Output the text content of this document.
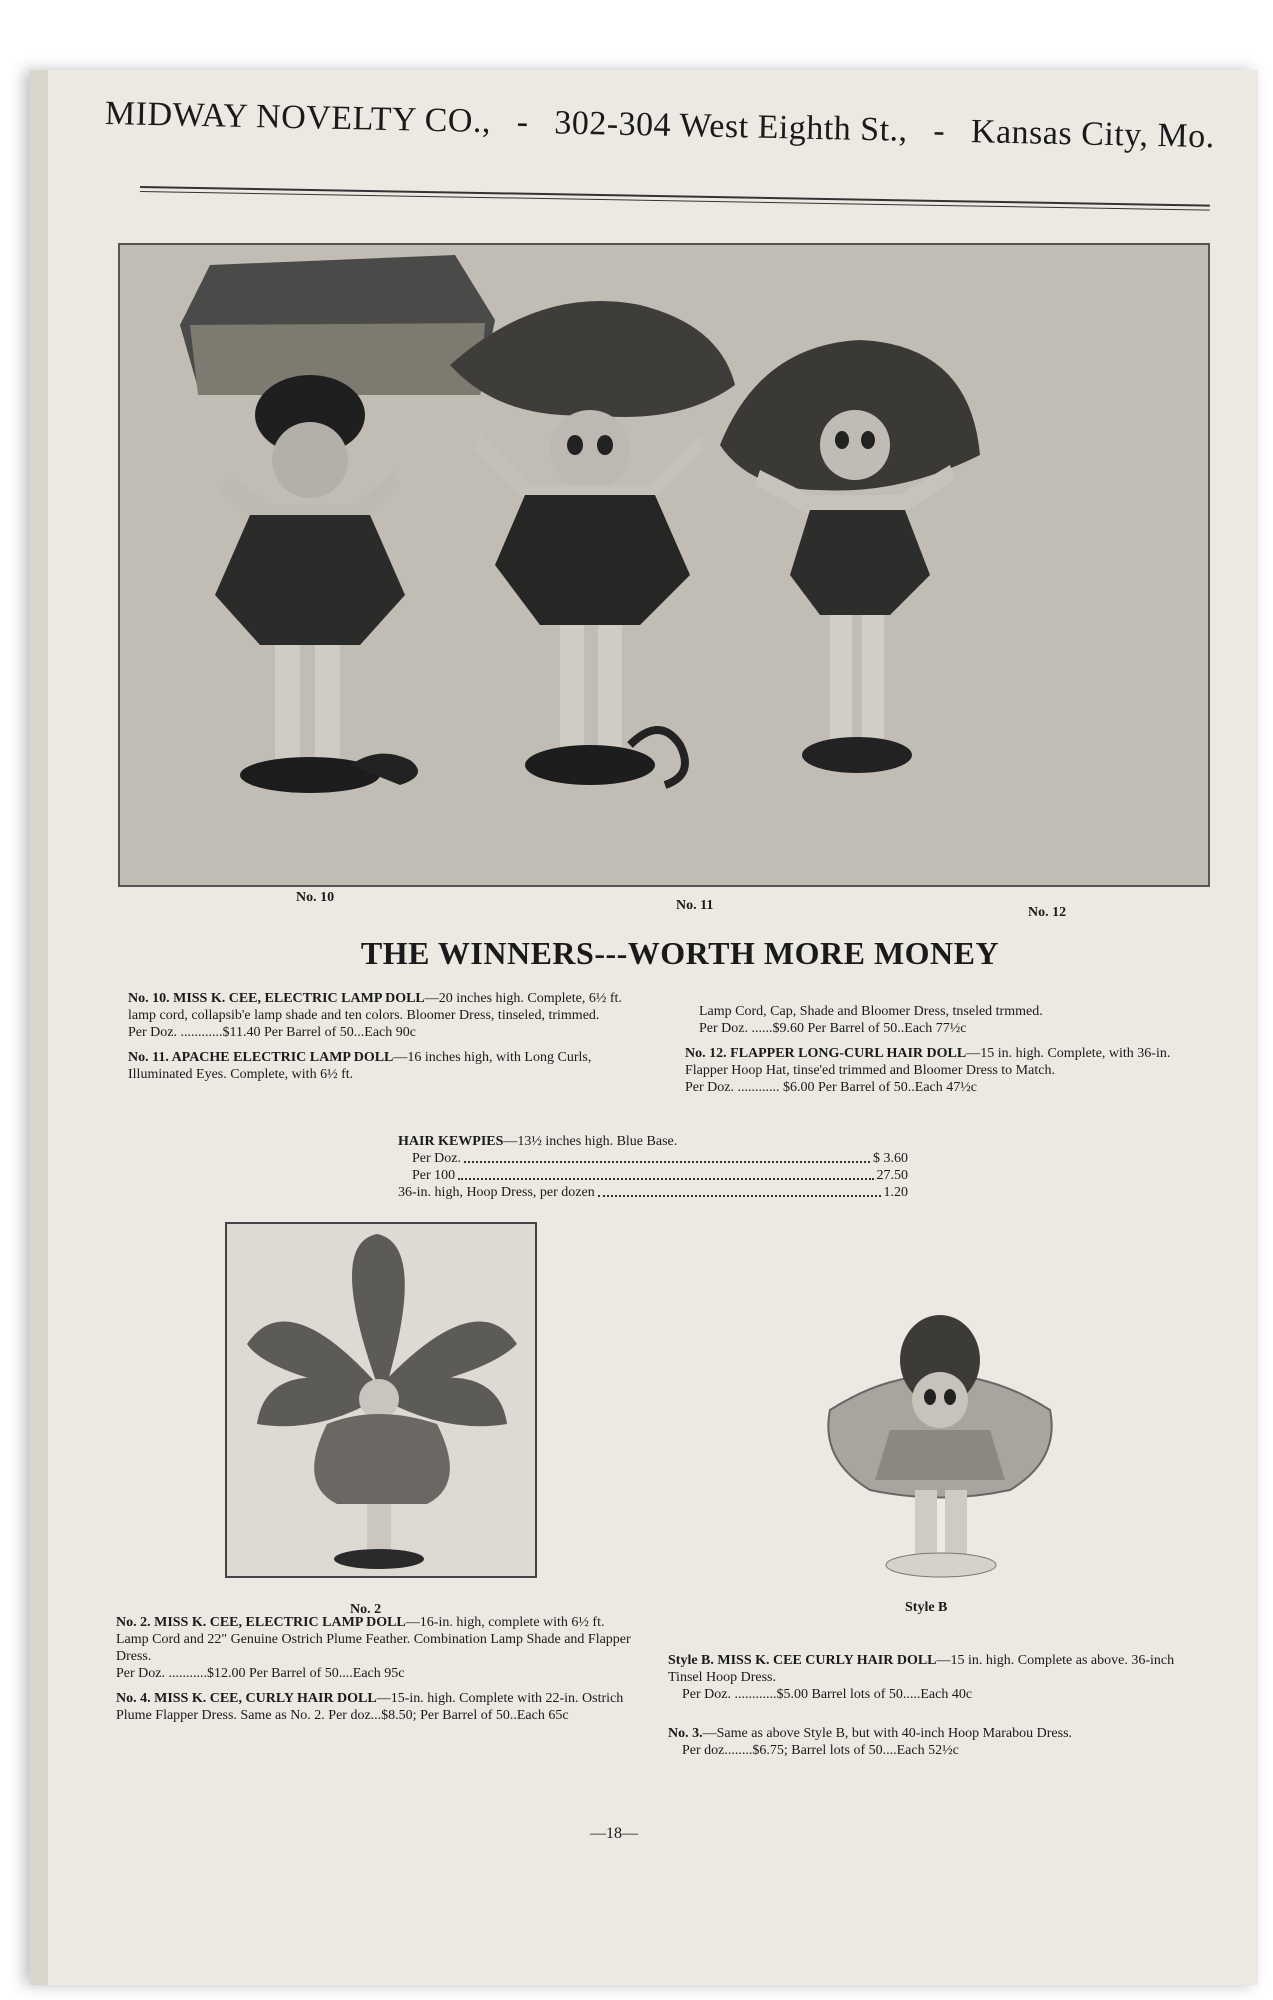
MIDWAY NOVELTY CO., - 302-304 West Eighth St., - Kansas City, Mo.
No. 10
No. 11	No. 12
THE WINNERS---WORTH MORE MONEY

No. 10. MISS K. CEE, ELECTRIC LAMP DOLL—20 inches high. Complete, 6½ ft. lamp cord, collapsib'e lamp shade and ten colors. Bloomer Dress, tinseled, trimmed.
Per Doz. ............$11.40 Per Barrel of 50...Each 90c

No. 11. APACHE ELECTRIC LAMP DOLL—16 inches high, with Long Curls, Illuminated Eyes. Complete, with 6½ ft.

Lamp Cord, Cap, Shade and Bloomer Dress, tnseled trmmed.
Per Doz. ......$9.60 Per Barrel of 50..Each 77½c

No. 12. FLAPPER LONG-CURL HAIR DOLL—15 in. high. Complete, with 36-in. Flapper Hoop Hat, tinse'ed trimmed and Bloomer Dress to Match.
Per Doz. ............ $6.00 Per Barrel of 50..Each 47½c

HAIR KEWPIES—13½ inches high. Blue Base.
Per Doz.	$ 3.60
Per 100	27.50
36-in. high, Hoop Dress, per dozen	1.20
No. 2	Style B

No. 2. MISS K. CEE, ELECTRIC LAMP DOLL—16-in. high, complete with 6½ ft. Lamp Cord and 22" Genuine Ostrich Plume Feather. Combination Lamp Shade and Flapper Dress.
Per Doz. ...........$12.00 Per Barrel of 50....Each 95c

No. 4. MISS K. CEE, CURLY HAIR DOLL—15-in. high. Complete with 22-in. Ostrich Plume Flapper Dress. Same as No. 2. Per doz...$8.50; Per Barrel of 50..Each 65c

Style B. MISS K. CEE CURLY HAIR DOLL—15 in. high. Complete as above. 36-inch Tinsel Hoop Dress.

Per Doz. ............$5.00 Barrel lots of 50.....Each 40c

No. 3.—Same as above Style B, but with 40-inch Hoop Marabou Dress.

Per doz........$6.75; Barrel lots of 50....Each 52½c

—18—
